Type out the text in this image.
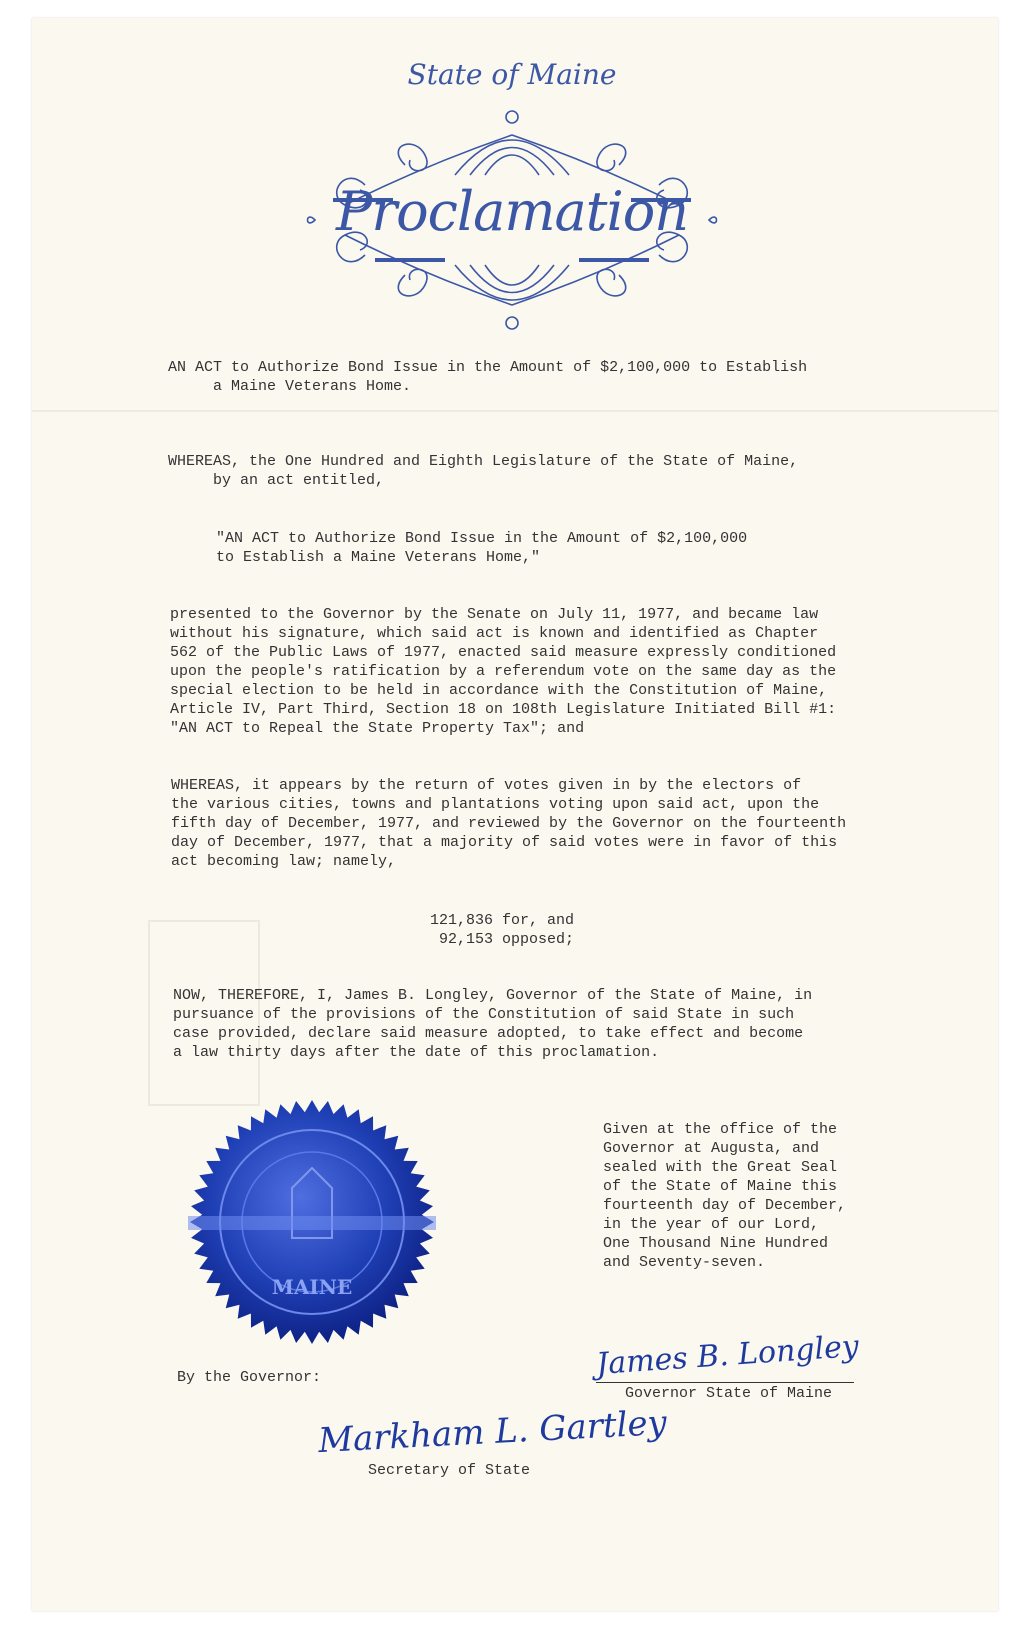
State of Maine
Proclamation
AN ACT to Authorize Bond Issue in the Amount of $2,100,000 to Establish
a Maine Veterans Home.
WHEREAS, the One Hundred and Eighth Legislature of the State of Maine,
by an act entitled,
"AN ACT to Authorize Bond Issue in the Amount of $2,100,000
to Establish a Maine Veterans Home,"
presented to the Governor by the Senate on July 11, 1977, and became law
without his signature, which said act is known and identified as Chapter
562 of the Public Laws of 1977, enacted said measure expressly conditioned
upon the people's ratification by a referendum vote on the same day as the
special election to be held in accordance with the Constitution of Maine,
Article IV, Part Third, Section 18 on 108th Legislature Initiated Bill #1:
"AN ACT to Repeal the State Property Tax"; and
WHEREAS, it appears by the return of votes given in by the electors of
the various cities, towns and plantations voting upon said act, upon the
fifth day of December, 1977, and reviewed by the Governor on the fourteenth
day of December, 1977, that a majority of said votes were in favor of this
act becoming law; namely,
121,836 for, and
92,153 opposed;
NOW, THEREFORE, I, James B. Longley, Governor of the State of Maine, in
pursuance of the provisions of the Constitution of said State in such
case provided, declare said measure adopted, to take effect and become
a law thirty days after the date of this proclamation.
MAINE
Given at the office of the
Governor at Augusta, and
sealed with the Great Seal
of the State of Maine this
fourteenth day of December,
in the year of our Lord,
One Thousand Nine Hundred
and Seventy-seven.
By the Governor:	James B. Longley
Governor State of Maine
Markham L. Gartley
Secretary of State
